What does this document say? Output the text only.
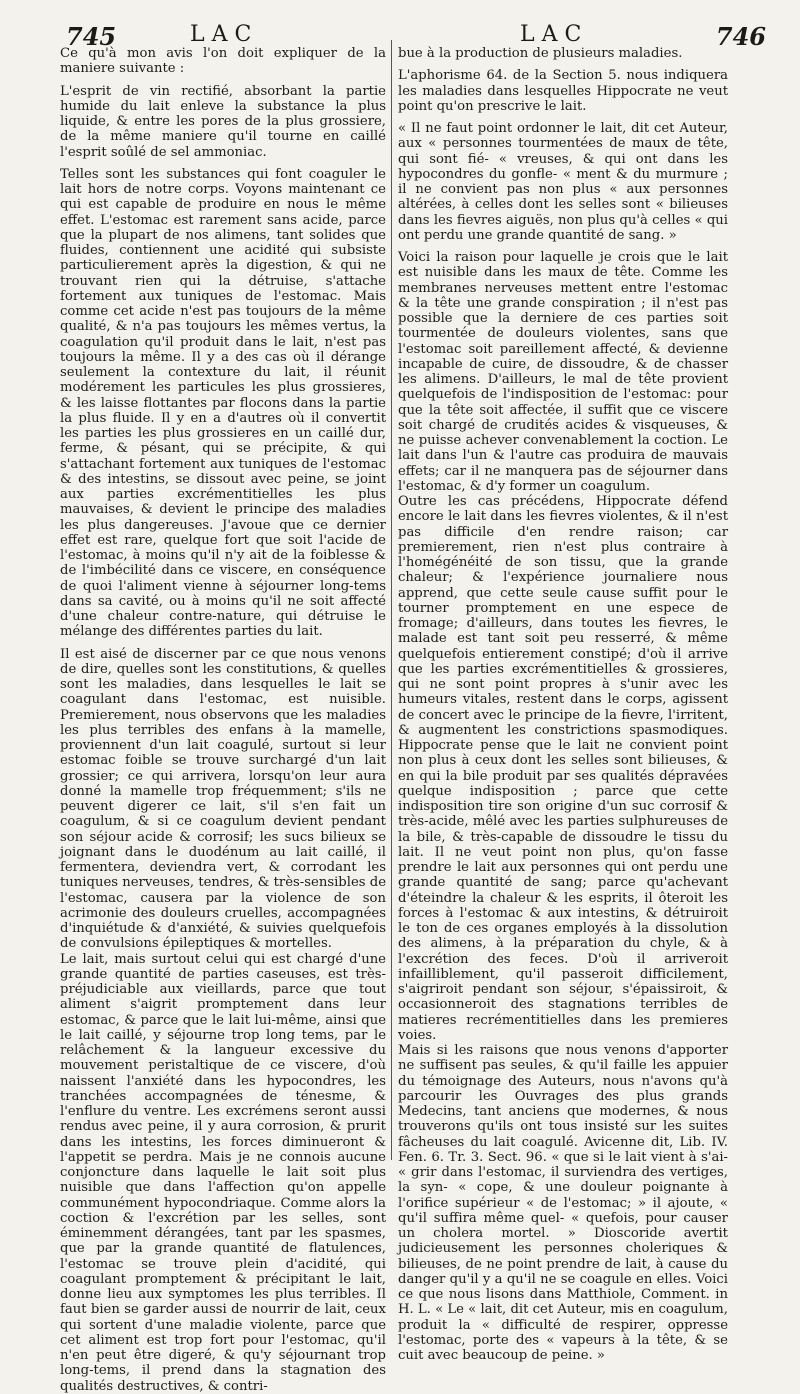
745	LAC	LAC	746

Ce qu'à mon avis l'on doit expliquer de la maniere suivante :

L'esprit de vin rectifié, absorbant la partie humide du lait enleve la substance la plus liquide, & entre les pores de la plus grossiere, de la même maniere qu'il tourne en caillé l'esprit soûlé de sel ammoniac.

Telles sont les substances qui font coaguler le lait hors de notre corps. Voyons maintenant ce qui est capable de produire en nous le même effet. L'estomac est rarement sans acide, parce que la plupart de nos alimens, tant solides que fluides, contiennent une acidité qui subsiste particulierement après la digestion, & qui ne trouvant rien qui la détruise, s'attache fortement aux tuniques de l'estomac. Mais comme cet acide n'est pas toujours de la même qualité, & n'a pas toujours les mêmes vertus, la coagulation qu'il produit dans le lait, n'est pas toujours la même. Il y a des cas où il dérange seulement la contexture du lait, il réunit modérement les particules les plus grossieres, & les laisse flottantes par flocons dans la partie la plus fluide. Il y en a d'autres où il convertit les parties les plus grossieres en un caillé dur, ferme, & pésant, qui se précipite, & qui s'attachant fortement aux tuniques de l'estomac & des intestins, se dissout avec peine, se joint aux parties excrémentitielles les plus mauvaises, & devient le principe des maladies les plus dangereuses. J'avoue que ce dernier effet est rare, quelque fort que soit l'acide de l'estomac, à moins qu'il n'y ait de la foiblesse & de l'imbécilité dans ce viscere, en conséquence de quoi l'aliment vienne à séjourner long-tems dans sa cavité, ou à moins qu'il ne soit affecté d'une chaleur contre-nature, qui détruise le mélange des différentes parties du lait.

Il est aisé de discerner par ce que nous venons de dire, quelles sont les constitutions, & quelles sont les maladies, dans lesquelles le lait se coagulant dans l'estomac, est nuisible. Premierement, nous observons que les maladies les plus terribles des enfans à la mamelle, proviennent d'un lait coagulé, surtout si leur estomac foible se trouve surchargé d'un lait grossier; ce qui arrivera, lorsqu'on leur aura donné la mamelle trop fréquemment; s'ils ne peuvent digerer ce lait, s'il s'en fait un coagulum, & si ce coagulum devient pendant son séjour acide & corrosif; les sucs bilieux se joignant dans le duodénum au lait caillé, il fermentera, deviendra vert, & corrodant les tuniques nerveuses, tendres, & très-sensibles de l'estomac, causera par la violence de son acrimonie des douleurs cruelles, accompagnées d'inquiétude & d'anxiété, & suivies quelquefois de convulsions épileptiques & mortelles.

Le lait, mais surtout celui qui est chargé d'une grande quantité de parties caseuses, est très-préjudiciable aux vieillards, parce que tout aliment s'aigrit promptement dans leur estomac, & parce que le lait lui-même, ainsi que le lait caillé, y séjourne trop long tems, par le relâchement & la langueur excessive du mouvement peristaltique de ce viscere, d'où naissent l'anxiété dans les hypocondres, les tranchées accompagnées de ténesme, & l'enflure du ventre. Les excrémens seront aussi rendus avec peine, il y aura corrosion, & prurit dans les intestins, les forces diminueront & l'appetit se perdra. Mais je ne connois aucune conjoncture dans laquelle le lait soit plus nuisible que dans l'affection qu'on appelle communément hypocondriaque. Comme alors la coction & l'excrétion par les selles, sont éminemment dérangées, tant par les spasmes, que par la grande quantité de flatulences, l'estomac se trouve plein d'acidité, qui coagulant promptement & précipitant le lait, donne lieu aux symptomes les plus terribles. Il faut bien se garder aussi de nourrir de lait, ceux qui sortent d'une maladie violente, parce que cet aliment est trop fort pour l'estomac, qu'il n'en peut être digeré, & qu'y séjournant trop long-tems, il prend dans la stagnation des qualités destructives, & contri-

bue à la production de plusieurs maladies.

L'aphorisme 64. de la Section 5. nous indiquera les maladies dans lesquelles Hippocrate ne veut point qu'on prescrive le lait.

« Il ne faut point ordonner le lait, dit cet Auteur, aux « personnes tourmentées de maux de tête, qui sont fié- « vreuses, & qui ont dans les hypocondres du gonfle- « ment & du murmure ; il ne convient pas non plus « aux personnes altérées, à celles dont les selles sont « bilieuses dans les fievres aiguës, non plus qu'à celles « qui ont perdu une grande quantité de sang. »

Voici la raison pour laquelle je crois que le lait est nuisible dans les maux de tête. Comme les membranes nerveuses mettent entre l'estomac & la tête une grande conspiration ; il n'est pas possible que la derniere de ces parties soit tourmentée de douleurs violentes, sans que l'estomac soit pareillement affecté, & devienne incapable de cuire, de dissoudre, & de chasser les alimens. D'ailleurs, le mal de tête provient quelquefois de l'indisposition de l'estomac: pour que la tête soit affectée, il suffit que ce viscere soit chargé de crudités acides & visqueuses, & ne puisse achever convenablement la coction. Le lait dans l'un & l'autre cas produira de mauvais effets; car il ne manquera pas de séjourner dans l'estomac, & d'y former un coagulum.

Outre les cas précédens, Hippocrate défend encore le lait dans les fievres violentes, & il n'est pas difficile d'en rendre raison; car premierement, rien n'est plus contraire à l'homégénéité de son tissu, que la grande chaleur; & l'expérience journaliere nous apprend, que cette seule cause suffit pour le tourner promptement en une espece de fromage; d'ailleurs, dans toutes les fievres, le malade est tant soit peu resserré, & même quelquefois entierement constipé; d'où il arrive que les parties excrémentitielles & grossieres, qui ne sont point propres à s'unir avec les humeurs vitales, restent dans le corps, agissent de concert avec le principe de la fievre, l'irritent, & augmentent les constrictions spasmodiques. Hippocrate pense que le lait ne convient point non plus à ceux dont les selles sont bilieuses, & en qui la bile produit par ses qualités dépravées quelque indisposition ; parce que cette indisposition tire son origine d'un suc corrosif & très-acide, mêlé avec les parties sulphureuses de la bile, & très-capable de dissoudre le tissu du lait. Il ne veut point non plus, qu'on fasse prendre le lait aux personnes qui ont perdu une grande quantité de sang; parce qu'achevant d'éteindre la chaleur & les esprits, il ôteroit les forces à l'estomac & aux intestins, & détruiroit le ton de ces organes employés à la dissolution des alimens, à la préparation du chyle, & à l'excrétion des feces. D'où il arriveroit infailliblement, qu'il passeroit difficilement, s'aigriroit pendant son séjour, s'épaissiroit, & occasionneroit des stagnations terribles de matieres recrémentitielles dans les premieres voies.

Mais si les raisons que nous venons d'apporter ne suffisent pas seules, & qu'il faille les appuier du témoignage des Auteurs, nous n'avons qu'à parcourir les Ouvrages des plus grands Medecins, tant anciens que modernes, & nous trouverons qu'ils ont tous insisté sur les suites fâcheuses du lait coagulé. Avicenne dit, Lib. IV. Fen. 6. Tr. 3. Sect. 96. « que si le lait vient à s'ai- « grir dans l'estomac, il surviendra des vertiges, la syn- « cope, & une douleur poignante à l'orifice supérieur « de l'estomac; » il ajoute, « qu'il suffira même quel- « quefois, pour causer un cholera mortel. » Dioscoride avertit judicieusement les personnes choleriques & bilieuses, de ne point prendre de lait, à cause du danger qu'il y a qu'il ne se coagule en elles. Voici ce que nous lisons dans Matthiole, Comment. in H. L. « Le « lait, dit cet Auteur, mis en coagulum, produit la « difficulté de respirer, oppresse l'estomac, porte des « vapeurs à la tête, & se cuit avec beaucoup de peine. »
